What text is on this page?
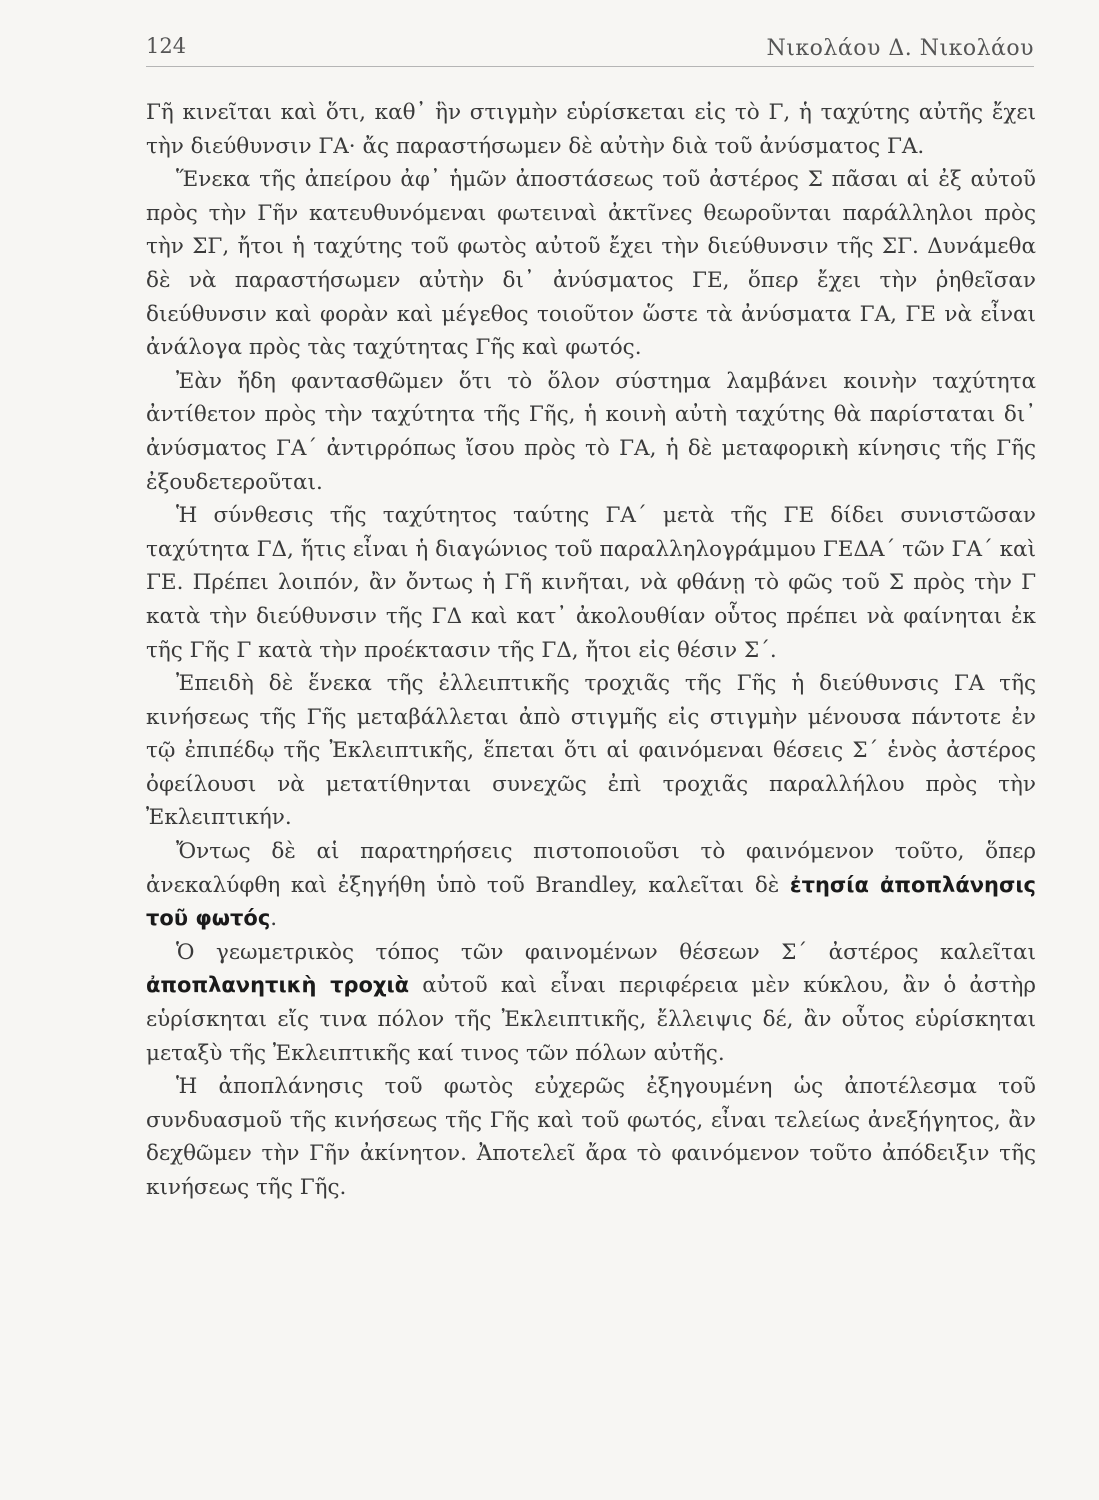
124	Νικολάου Δ. Νικολάου

Γῆ κινεῖται καὶ ὅτι, καθ᾽ ἣν στιγμὴν εὑρίσκεται εἰς τὸ Γ, ἡ ταχύτης αὐτῆς ἔχει τὴν διεύθυνσιν ΓΑ· ἄς παραστήσωμεν δὲ αὐτὴν διὰ τοῦ ἀνύσματος ΓΑ.

Ἕνεκα τῆς ἀπείρου ἀφ᾽ ἡμῶν ἀποστάσεως τοῦ ἀστέρος Σ πᾶσαι αἱ ἐξ αὐτοῦ πρὸς τὴν Γῆν κατευθυνόμεναι φωτειναὶ ἀκτῖνες θεωροῦνται παράλληλοι πρὸς τὴν ΣΓ, ἤτοι ἡ ταχύτης τοῦ φωτὸς αὐτοῦ ἔχει τὴν διεύθυνσιν τῆς ΣΓ. Δυνάμεθα δὲ νὰ παραστήσωμεν αὐτὴν δι᾽ ἀνύσματος ΓΕ, ὅπερ ἔχει τὴν ῥηθεῖσαν διεύθυνσιν καὶ φορὰν καὶ μέγεθος τοιοῦτον ὥστε τὰ ἀνύσματα ΓΑ, ΓΕ νὰ εἶναι ἀνάλογα πρὸς τὰς ταχύτητας Γῆς καὶ φωτός.

Ἐὰν ἤδη φαντασθῶμεν ὅτι τὸ ὅλον σύστημα λαμβάνει κοινὴν ταχύτητα ἀντίθετον πρὸς τὴν ταχύτητα τῆς Γῆς, ἡ κοινὴ αὐτὴ ταχύτης θὰ παρίσταται δι᾽ ἀνύσματος ΓΑ΄ ἀντιρρόπως ἴσου πρὸς τὸ ΓΑ, ἡ δὲ μεταφορικὴ κίνησις τῆς Γῆς ἐξουδετεροῦται.

Ἡ σύνθεσις τῆς ταχύτητος ταύτης ΓΑ΄ μετὰ τῆς ΓΕ δίδει συνιστῶσαν ταχύτητα ΓΔ, ἥτις εἶναι ἡ διαγώνιος τοῦ παραλληλογράμμου ΓΕΔΑ΄ τῶν ΓΑ΄ καὶ ΓΕ. Πρέπει λοιπόν, ἂν ὄντως ἡ Γῆ κινῆται, νὰ φθάνῃ τὸ φῶς τοῦ Σ πρὸς τὴν Γ κατὰ τὴν διεύθυνσιν τῆς ΓΔ καὶ κατ᾽ ἀκολουθίαν οὗτος πρέπει νὰ φαίνηται ἐκ τῆς Γῆς Γ κατὰ τὴν προέκτασιν τῆς ΓΔ, ἤτοι εἰς θέσιν Σ΄.

Ἐπειδὴ δὲ ἕνεκα τῆς ἐλλειπτικῆς τροχιᾶς τῆς Γῆς ἡ διεύθυνσις ΓΑ τῆς κινήσεως τῆς Γῆς μεταβάλλεται ἀπὸ στιγμῆς εἰς στιγμὴν μένουσα πάντοτε ἐν τῷ ἐπιπέδῳ τῆς Ἐκλειπτικῆς, ἕπεται ὅτι αἱ φαινόμεναι θέσεις Σ΄ ἑνὸς ἀστέρος ὀφείλουσι νὰ μετατίθηνται συνεχῶς ἐπὶ τροχιᾶς παραλλήλου πρὸς τὴν Ἐκλειπτικήν.

Ὄντως δὲ αἱ παρατηρήσεις πιστοποιοῦσι τὸ φαινόμενον τοῦτο, ὅπερ ἀνεκαλύφθη καὶ ἐξηγήθη ὑπὸ τοῦ Brandley, καλεῖται δὲ ἐτησία ἀποπλάνησις τοῦ φωτός.

Ὁ γεωμετρικὸς τόπος τῶν φαινομένων θέσεων Σ΄ ἀστέρος καλεῖται ἀποπλανητικὴ τροχιὰ αὐτοῦ καὶ εἶναι περιφέρεια μὲν κύκλου, ἂν ὁ ἀστὴρ εὑρίσκηται εἴς τινα πόλον τῆς Ἐκλειπτικῆς, ἔλλειψις δέ, ἂν οὗτος εὑρίσκηται μεταξὺ τῆς Ἐκλειπτικῆς καί τινος τῶν πόλων αὐτῆς.

Ἡ ἀποπλάνησις τοῦ φωτὸς εὐχερῶς ἐξηγουμένη ὡς ἀποτέλεσμα τοῦ συνδυασμοῦ τῆς κινήσεως τῆς Γῆς καὶ τοῦ φωτός, εἶναι τελείως ἀνεξήγητος, ἂν δεχθῶμεν τὴν Γῆν ἀκίνητον. Ἀποτελεῖ ἄρα τὸ φαινόμενον τοῦτο ἀπόδειξιν τῆς κινήσεως τῆς Γῆς.
